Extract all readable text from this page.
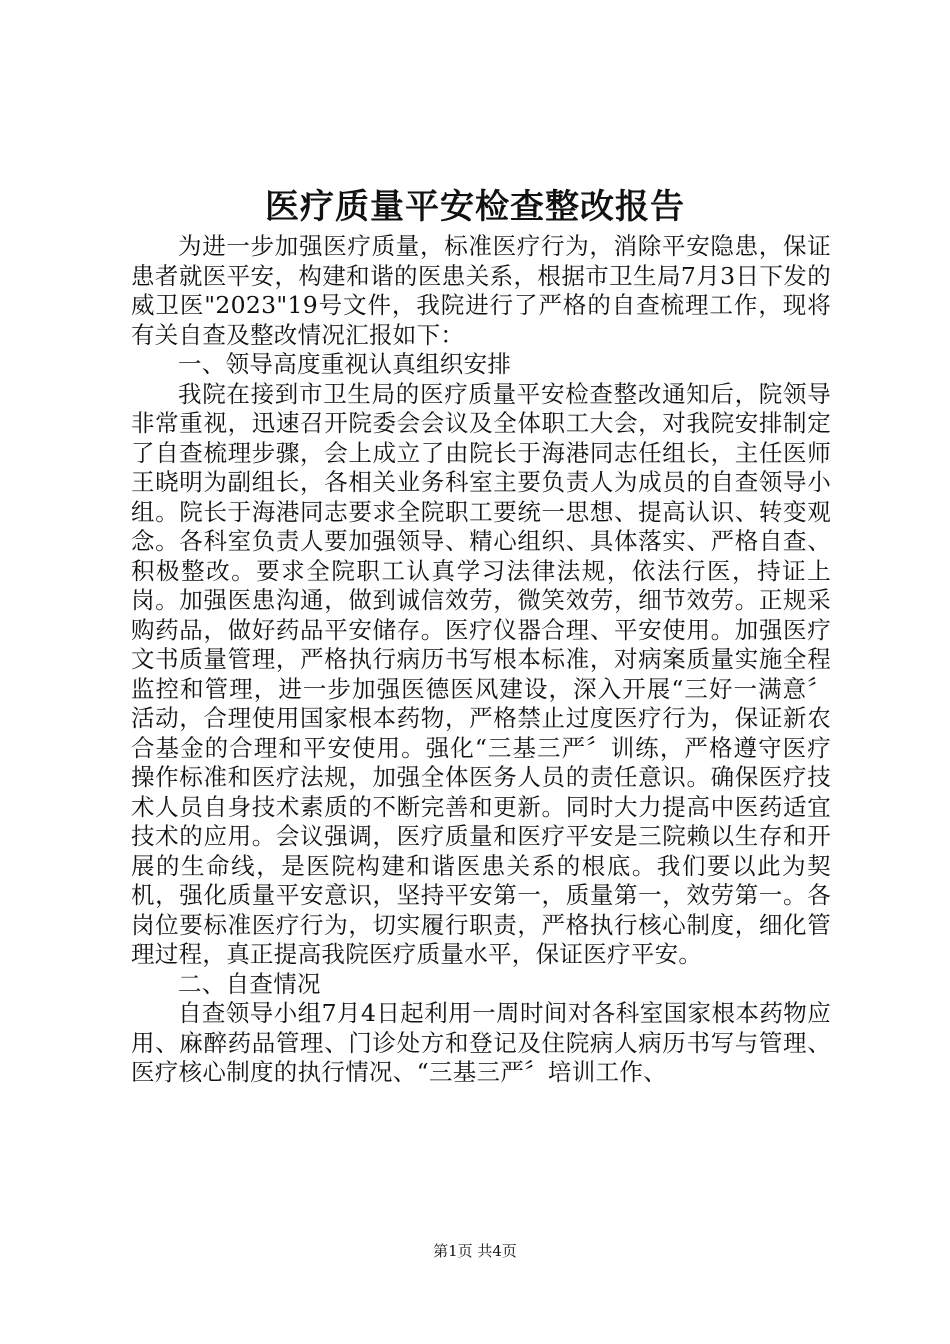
医疗质量平安检查整改报告

为进一步加强医疗质量，标准医疗行为，消除平安隐患，保证患者就医平安，构建和谐的医患关系，根据市卫生局7月3日下发的威卫医"2023"19号文件，我院进行了严格的自查梳理工作，现将有关自查及整改情况汇报如下：

一、领导高度重视认真组织安排

我院在接到市卫生局的医疗质量平安检查整改通知后，院领导非常重视，迅速召开院委会会议及全体职工大会，对我院安排制定了自查梳理步骤，会上成立了由院长于海港同志任组长，主任医师王晓明为副组长，各相关业务科室主要负责人为成员的自查领导小组。院长于海港同志要求全院职工要统一思想、提高认识、转变观念。各科室负责人要加强领导、精心组织、具体落实、严格自查、积极整改。要求全院职工认真学习法律法规，依法行医，持证上岗。加强医患沟通，做到诚信效劳，微笑效劳，细节效劳。正规采购药品，做好药品平安储存。医疗仪器合理、平安使用。加强医疗文书质量管理，严格执行病历书写根本标准，对病案质量实施全程监控和管理，进一步加强医德医风建设，深入开展“三好一满意〞活动，合理使用国家根本药物，严格禁止过度医疗行为，保证新农合基金的合理和平安使用。强化“三基三严〞训练，严格遵守医疗操作标准和医疗法规，加强全体医务人员的责任意识。确保医疗技术人员自身技术素质的不断完善和更新。同时大力提高中医药适宜技术的应用。会议强调，医疗质量和医疗平安是三院赖以生存和开展的生命线，是医院构建和谐医患关系的根底。我们要以此为契机，强化质量平安意识，坚持平安第一，质量第一，效劳第一。各岗位要标准医疗行为，切实履行职责，严格执行核心制度，细化管理过程，真正提高我院医疗质量水平，保证医疗平安。

二、自查情况

自查领导小组7月4日起利用一周时间对各科室国家根本药物应用、麻醉药品管理、门诊处方和登记及住院病人病历书写与管理、医疗核心制度的执行情况、“三基三严〞培训工作、

第1页 共4页
